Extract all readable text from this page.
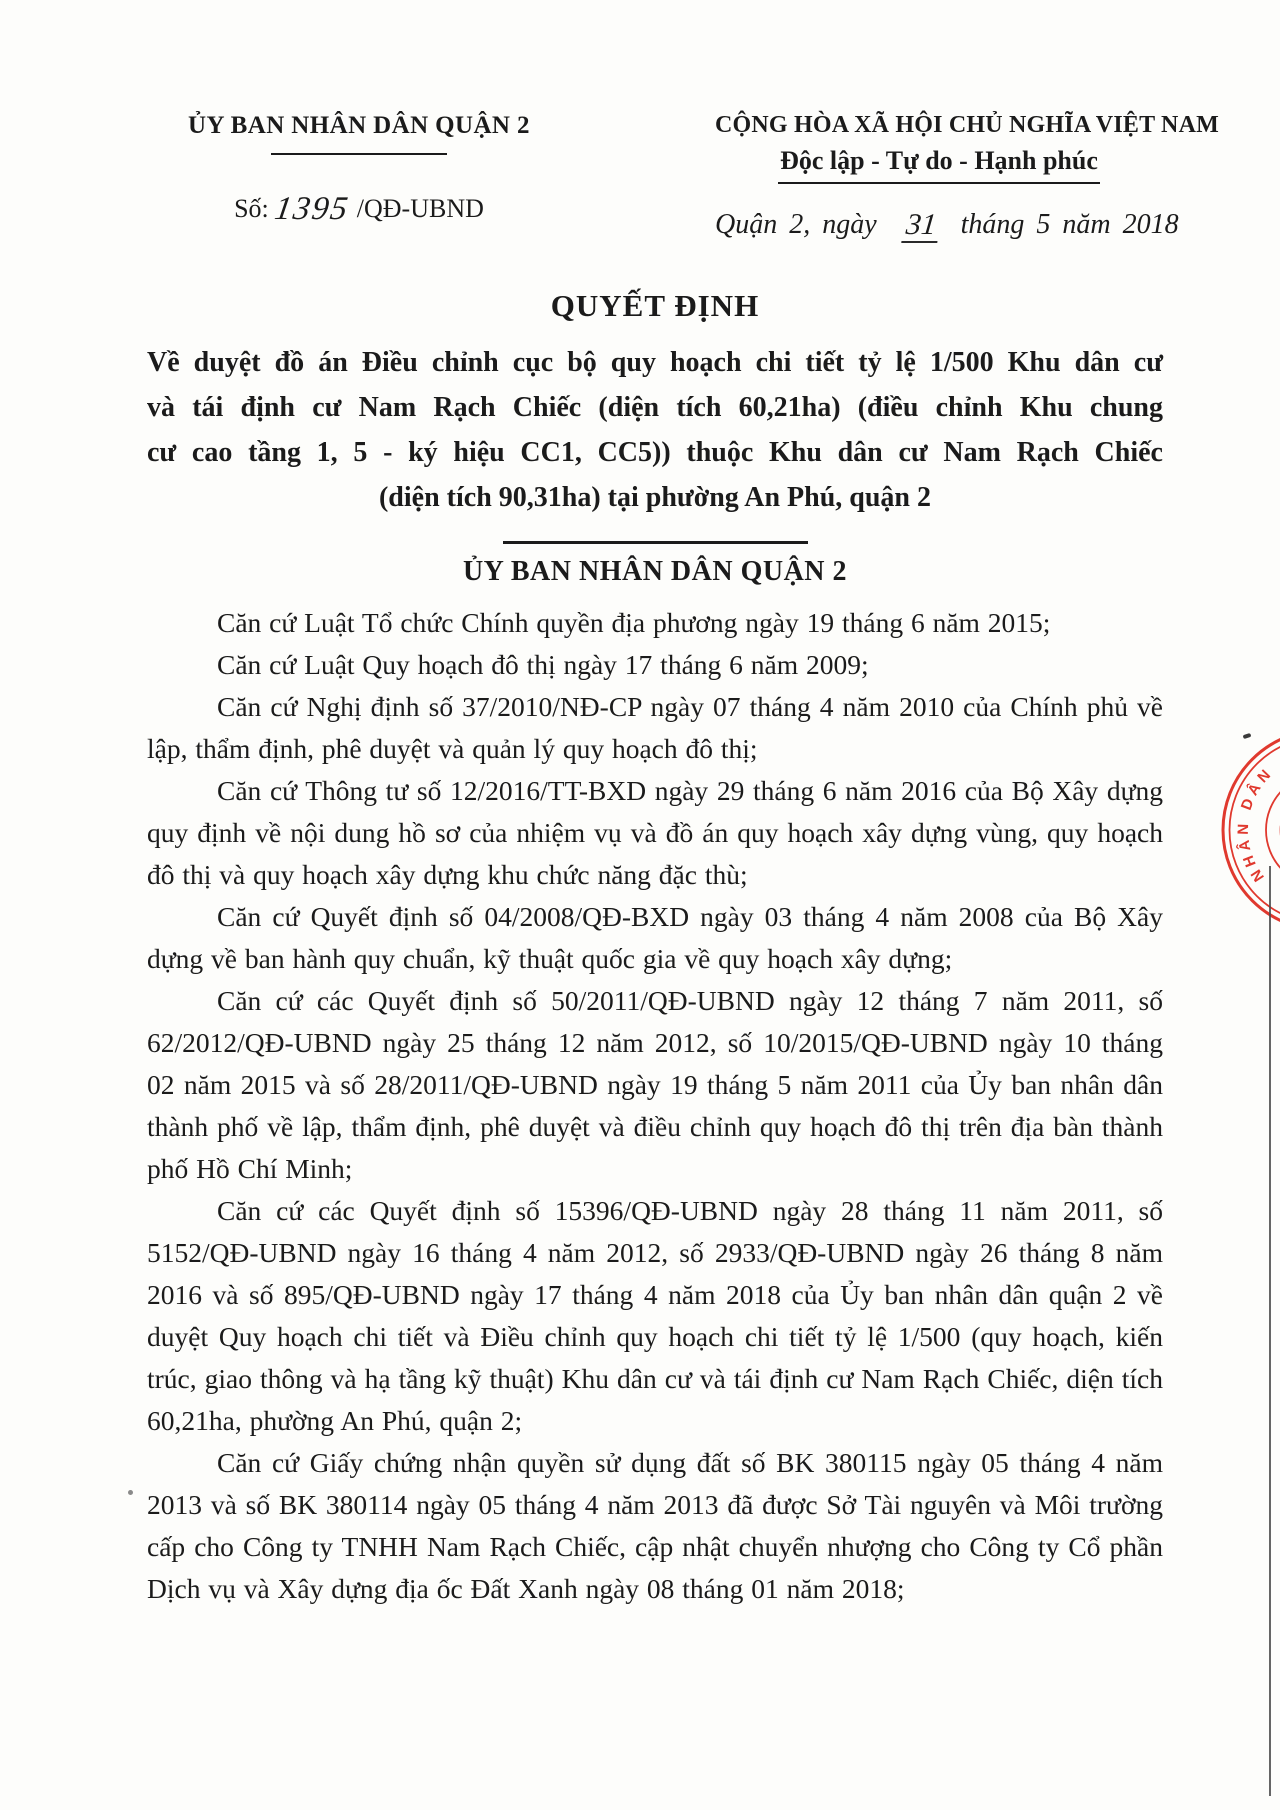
ỦY BAN NHÂN DÂN QUẬN 2
Số:1395 /QĐ-UBND
CỘNG HÒA XÃ HỘI CHỦ NGHĨA VIỆT NAM
Độc lập - Tự do - Hạnh phúc
Quận 2, ngày 31 tháng 5 năm 2018
QUYẾT ĐỊNH
Về duyệt đồ án Điều chỉnh cục bộ quy hoạch chi tiết tỷ lệ 1/500 Khu dân cư
và tái định cư Nam Rạch Chiếc (diện tích 60,21ha) (điều chỉnh Khu chung
cư cao tầng 1, 5 - ký hiệu CC1, CC5)) thuộc Khu dân cư Nam Rạch Chiếc
(diện tích 90,31ha) tại phường An Phú, quận 2
ỦY BAN NHÂN DÂN QUẬN 2

Căn cứ Luật Tổ chức Chính quyền địa phương ngày 19 tháng 6 năm 2015;

Căn cứ Luật Quy hoạch đô thị ngày 17 tháng 6 năm 2009;

Căn cứ Nghị định số 37/2010/NĐ-CP ngày 07 tháng 4 năm 2010 của Chính phủ về lập, thẩm định, phê duyệt và quản lý quy hoạch đô thị;

Căn cứ Thông tư số 12/2016/TT-BXD ngày 29 tháng 6 năm 2016 của Bộ Xây dựng quy định về nội dung hồ sơ của nhiệm vụ và đồ án quy hoạch xây dựng vùng, quy hoạch đô thị và quy hoạch xây dựng khu chức năng đặc thù;

Căn cứ Quyết định số 04/2008/QĐ-BXD ngày 03 tháng 4 năm 2008 của Bộ Xây dựng về ban hành quy chuẩn, kỹ thuật quốc gia về quy hoạch xây dựng;

Căn cứ các Quyết định số 50/2011/QĐ-UBND ngày 12 tháng 7 năm 2011, số 62/2012/QĐ-UBND ngày 25 tháng 12 năm 2012, số 10/2015/QĐ-UBND ngày 10 tháng 02 năm 2015 và số 28/2011/QĐ-UBND ngày 19 tháng 5 năm 2011 của Ủy ban nhân dân thành phố về lập, thẩm định, phê duyệt và điều chỉnh quy hoạch đô thị trên địa bàn thành phố Hồ Chí Minh;

Căn cứ các Quyết định số 15396/QĐ-UBND ngày 28 tháng 11 năm 2011, số 5152/QĐ-UBND ngày 16 tháng 4 năm 2012, số 2933/QĐ-UBND ngày 26 tháng 8 năm 2016 và số 895/QĐ-UBND ngày 17 tháng 4 năm 2018 của Ủy ban nhân dân quận 2 về duyệt Quy hoạch chi tiết và Điều chỉnh quy hoạch chi tiết tỷ lệ 1/500 (quy hoạch, kiến trúc, giao thông và hạ tầng kỹ thuật) Khu dân cư và tái định cư Nam Rạch Chiếc, diện tích 60,21ha, phường An Phú, quận 2;

Căn cứ Giấy chứng nhận quyền sử dụng đất số BK 380115 ngày 05 tháng 4 năm 2013 và số BK 380114 ngày 05 tháng 4 năm 2013 đã được Sở Tài nguyên và Môi trường cấp cho Công ty TNHH Nam Rạch Chiếc, cập nhật chuyển nhượng cho Công ty Cổ phần Dịch vụ và Xây dựng địa ốc Đất Xanh ngày 08 tháng 01 năm 2018;

NHÂN DÂN
